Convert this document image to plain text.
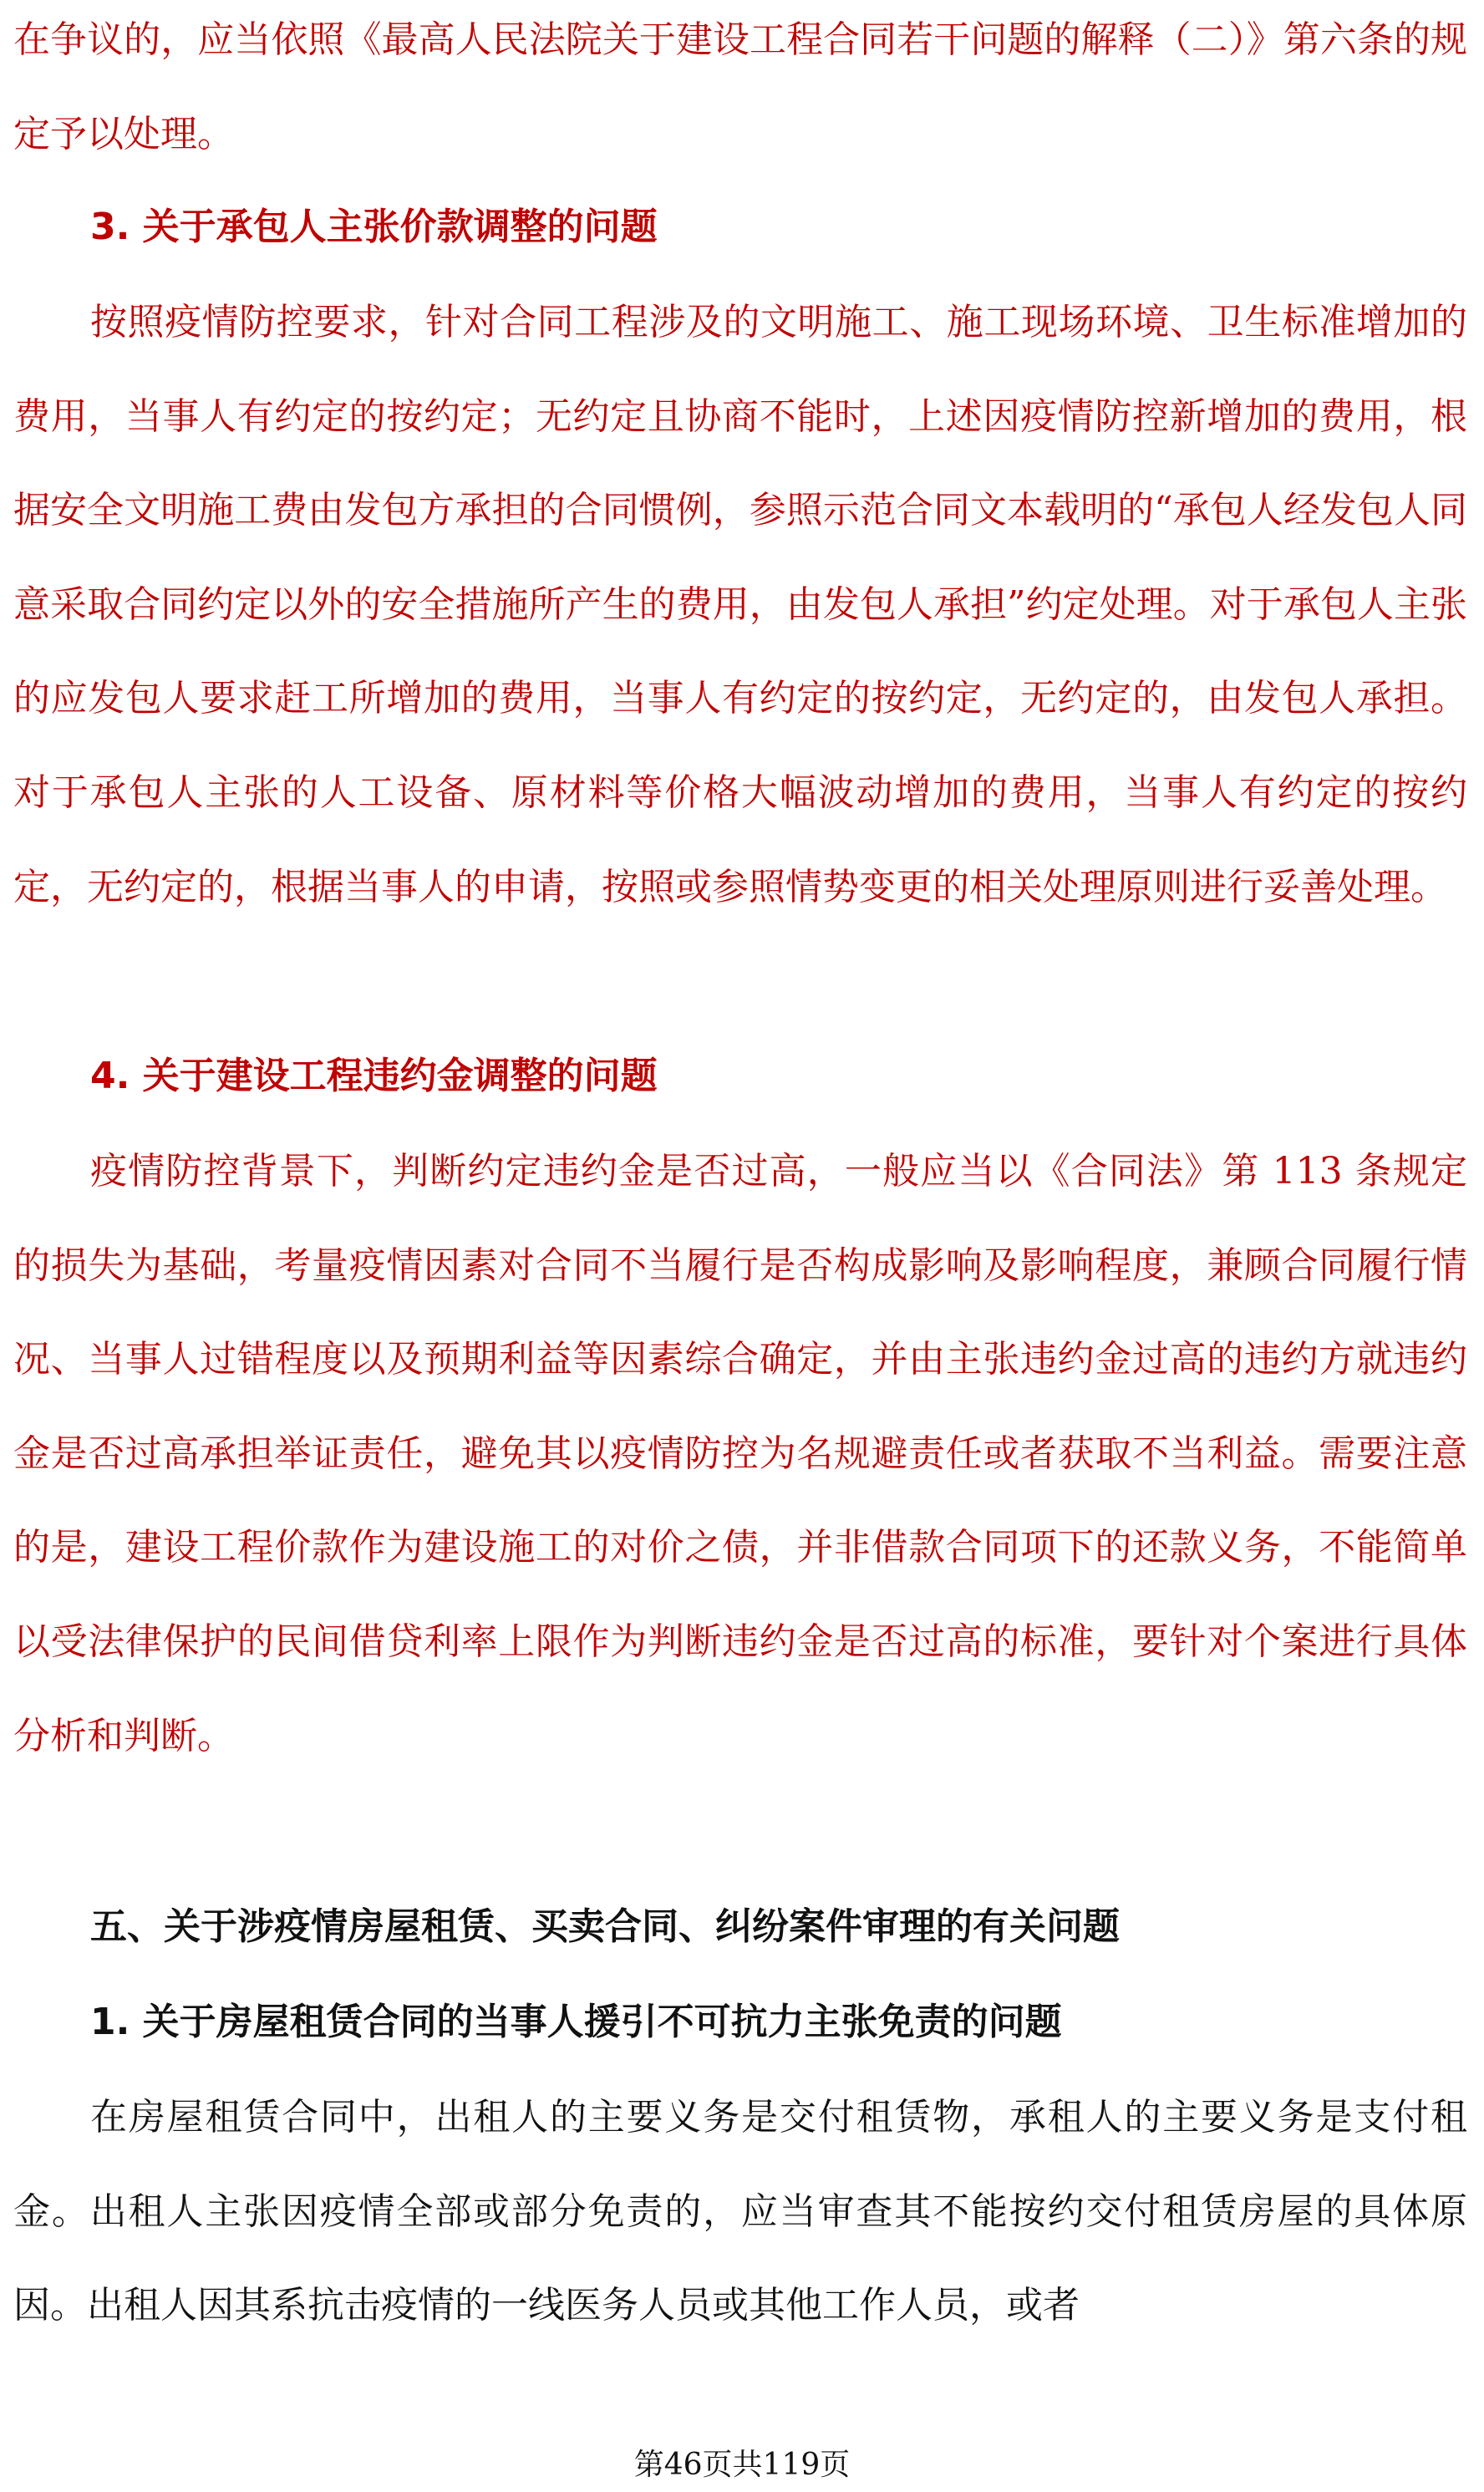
在争议的，应当依照《最高人民法院关于建设工程合同若干问题的解释（二）》第六条的规定予以处理。

3. 关于承包人主张价款调整的问题

按照疫情防控要求，针对合同工程涉及的文明施工、施工现场环境、卫生标准增加的费用，当事人有约定的按约定；无约定且协商不能时，上述因疫情防控新增加的费用，根据安全文明施工费由发包方承担的合同惯例，参照示范合同文本载明的“承包人经发包人同意采取合同约定以外的安全措施所产生的费用，由发包人承担”约定处理。对于承包人主张的应发包人要求赶工所增加的费用，当事人有约定的按约定，无约定的，由发包人承担。对于承包人主张的人工设备、原材料等价格大幅波动增加的费用，当事人有约定的按约定，无约定的，根据当事人的申请，按照或参照情势变更的相关处理原则进行妥善处理。

4. 关于建设工程违约金调整的问题

疫情防控背景下，判断约定违约金是否过高，一般应当以《合同法》第 113 条规定的损失为基础，考量疫情因素对合同不当履行是否构成影响及影响程度，兼顾合同履行情况、当事人过错程度以及预期利益等因素综合确定，并由主张违约金过高的违约方就违约金是否过高承担举证责任，避免其以疫情防控为名规避责任或者获取不当利益。需要注意的是，建设工程价款作为建设施工的对价之债，并非借款合同项下的还款义务，不能简单以受法律保护的民间借贷利率上限作为判断违约金是否过高的标准，要针对个案进行具体分析和判断。

五、关于涉疫情房屋租赁、买卖合同、纠纷案件审理的有关问题

1. 关于房屋租赁合同的当事人援引不可抗力主张免责的问题

在房屋租赁合同中，出租人的主要义务是交付租赁物，承租人的主要义务是支付租金。出租人主张因疫情全部或部分免责的，应当审查其不能按约交付租赁房屋的具体原因。出租人因其系抗击疫情的一线医务人员或其他工作人员，或者

第46页共119页
